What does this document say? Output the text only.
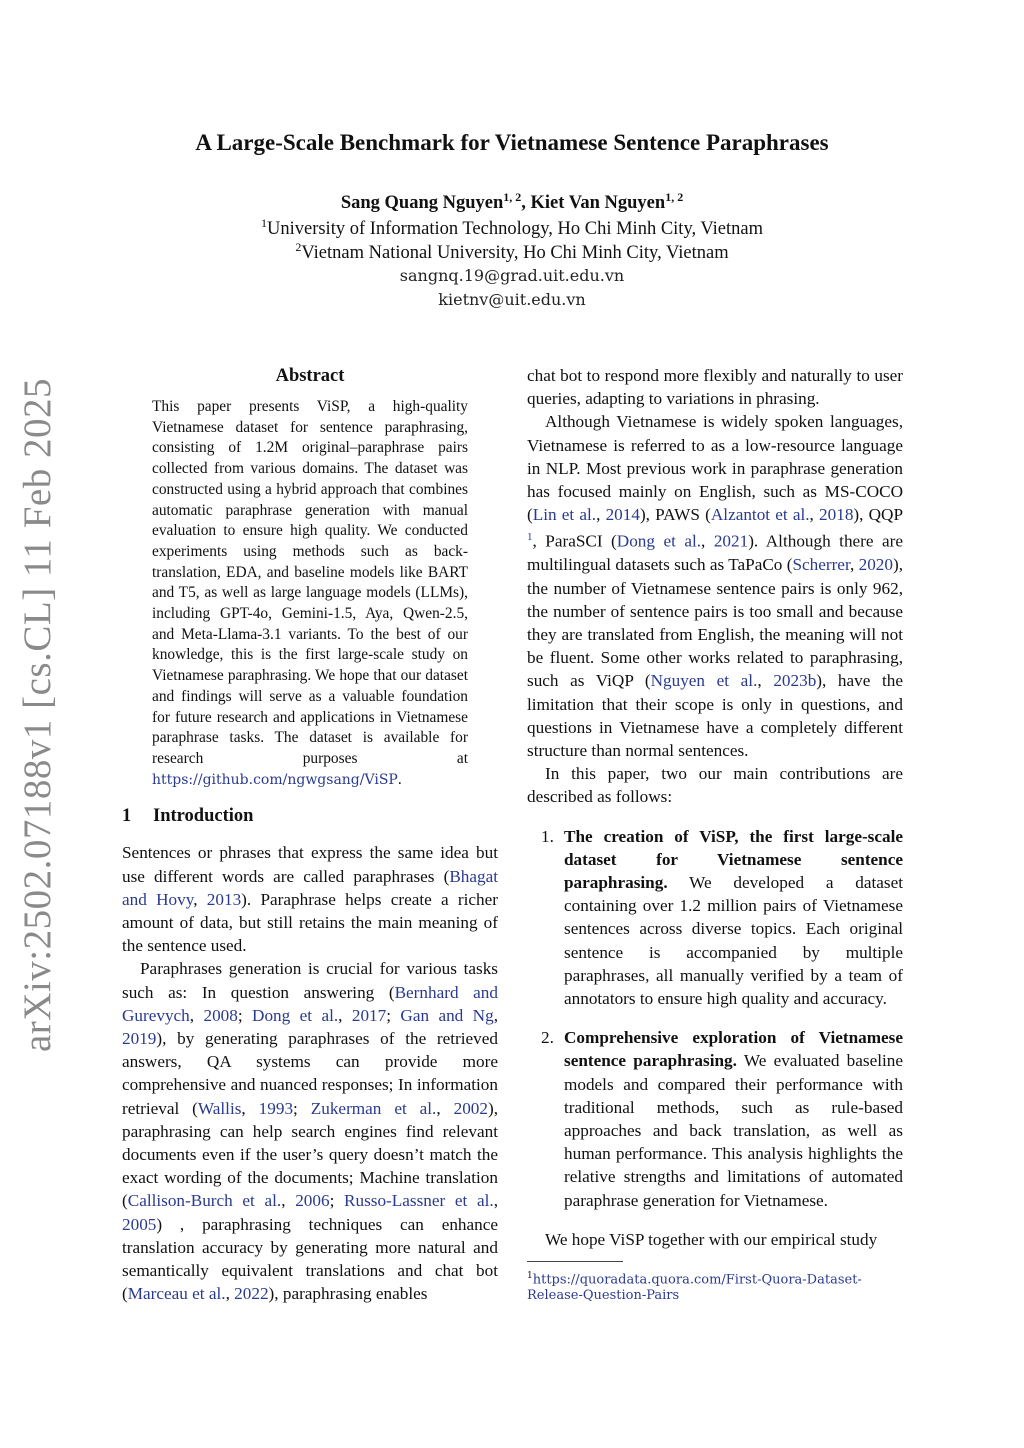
arXiv:2502.07188v1 [cs.CL] 11 Feb 2025
A Large-Scale Benchmark for Vietnamese Sentence Paraphrases
Sang Quang Nguyen$^{1, 2}$, Kiet Van Nguyen$^{1, 2}$
$^1$University of Information Technology, Ho Chi Minh City, Vietnam
$^2$Vietnam National University, Ho Chi Minh City, Vietnam
sangnq.19@grad.uit.edu.vn
kietnv@uit.edu.vn
Abstract

This paper presents ViSP, a high-quality Vietnamese dataset for sentence paraphrasing, consisting of 1.2M original–paraphrase pairs collected from various domains. The dataset was constructed using a hybrid approach that combines automatic paraphrase generation with manual evaluation to ensure high quality. We conducted experiments using methods such as back-translation, EDA, and baseline models like BART and T5, as well as large language models (LLMs), including GPT-4o, Gemini-1.5, Aya, Qwen-2.5, and Meta-Llama-3.1 variants. To the best of our knowledge, this is the first large-scale study on Vietnamese paraphrasing. We hope that our dataset and findings will serve as a valuable foundation for future research and applications in Vietnamese paraphrase tasks. The dataset is available for research purposes at https://github.com/ngwgsang/ViSP.

1 Introduction

Sentences or phrases that express the same idea but use different words are called paraphrases (Bhagat and Hovy, 2013). Paraphrase helps create a richer amount of data, but still retains the main meaning of the sentence used.

Paraphrases generation is crucial for various tasks such as: In question answering (Bernhard and Gurevych, 2008; Dong et al., 2017; Gan and Ng, 2019), by generating paraphrases of the retrieved answers, QA systems can provide more comprehensive and nuanced responses; In information retrieval (Wallis, 1993; Zukerman et al., 2002), paraphrasing can help search engines find relevant documents even if the user’s query doesn’t match the exact wording of the documents; Machine translation (Callison-Burch et al., 2006; Russo-Lassner et al., 2005) , paraphrasing techniques can enhance translation accuracy by generating more natural and semantically equivalent translations and chat bot (Marceau et al., 2022), paraphrasing enables

chat bot to respond more flexibly and naturally to user queries, adapting to variations in phrasing.

Although Vietnamese is widely spoken languages, Vietnamese is referred to as a low-resource language in NLP. Most previous work in paraphrase generation has focused mainly on English, such as MS-COCO (Lin et al., 2014), PAWS (Alzantot et al., 2018), QQP $^1$, ParaSCI (Dong et al., 2021). Although there are multilingual datasets such as TaPaCo (Scherrer, 2020), the number of Vietnamese sentence pairs is only 962, the number of sentence pairs is too small and because they are translated from English, the meaning will not be fluent. Some other works related to paraphrasing, such as ViQP (Nguyen et al., 2023b), have the limitation that their scope is only in questions, and questions in Vietnamese have a completely different structure than normal sentences.

In this paper, two our main contributions are described as follows:

1. The creation of ViSP, the first large-scale dataset for Vietnamese sentence paraphrasing. We developed a dataset containing over 1.2 million pairs of Vietnamese sentences across diverse topics. Each original sentence is accompanied by multiple paraphrases, all manually verified by a team of annotators to ensure high quality and accuracy.
2. Comprehensive exploration of Vietnamese sentence paraphrasing. We evaluated baseline models and compared their performance with traditional methods, such as rule-based approaches and back translation, as well as human performance. This analysis highlights the relative strengths and limitations of automated paraphrase generation for Vietnamese.

We hope ViSP together with our empirical study

$^1$https://quoradata.quora.com/First-Quora-Dataset-Release-Question-Pairs
